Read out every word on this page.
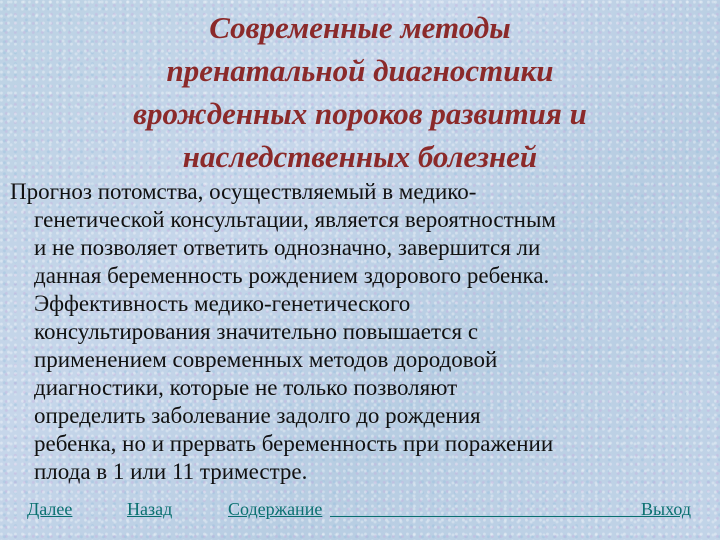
Современные методы
пренатальной диагностики
врожденных пороков развития и
наследственных болезней

Прогноз потомства, осуществляемый в медико-
генетической консультации, является вероятностным
и не позволяет ответить однозначно, завершится ли
данная беременность рождением здорового ребенка.
Эффективность медико-генетического
консультирования значительно повышается с
применением современных методов дородовой
диагностики, которые не только позволяют
определить заболевание задолго до рождения
ребенка, но и прервать беременность при поражении
плода в 1 или 11 триместре.

Далее	Назад	Содержание	Выход
